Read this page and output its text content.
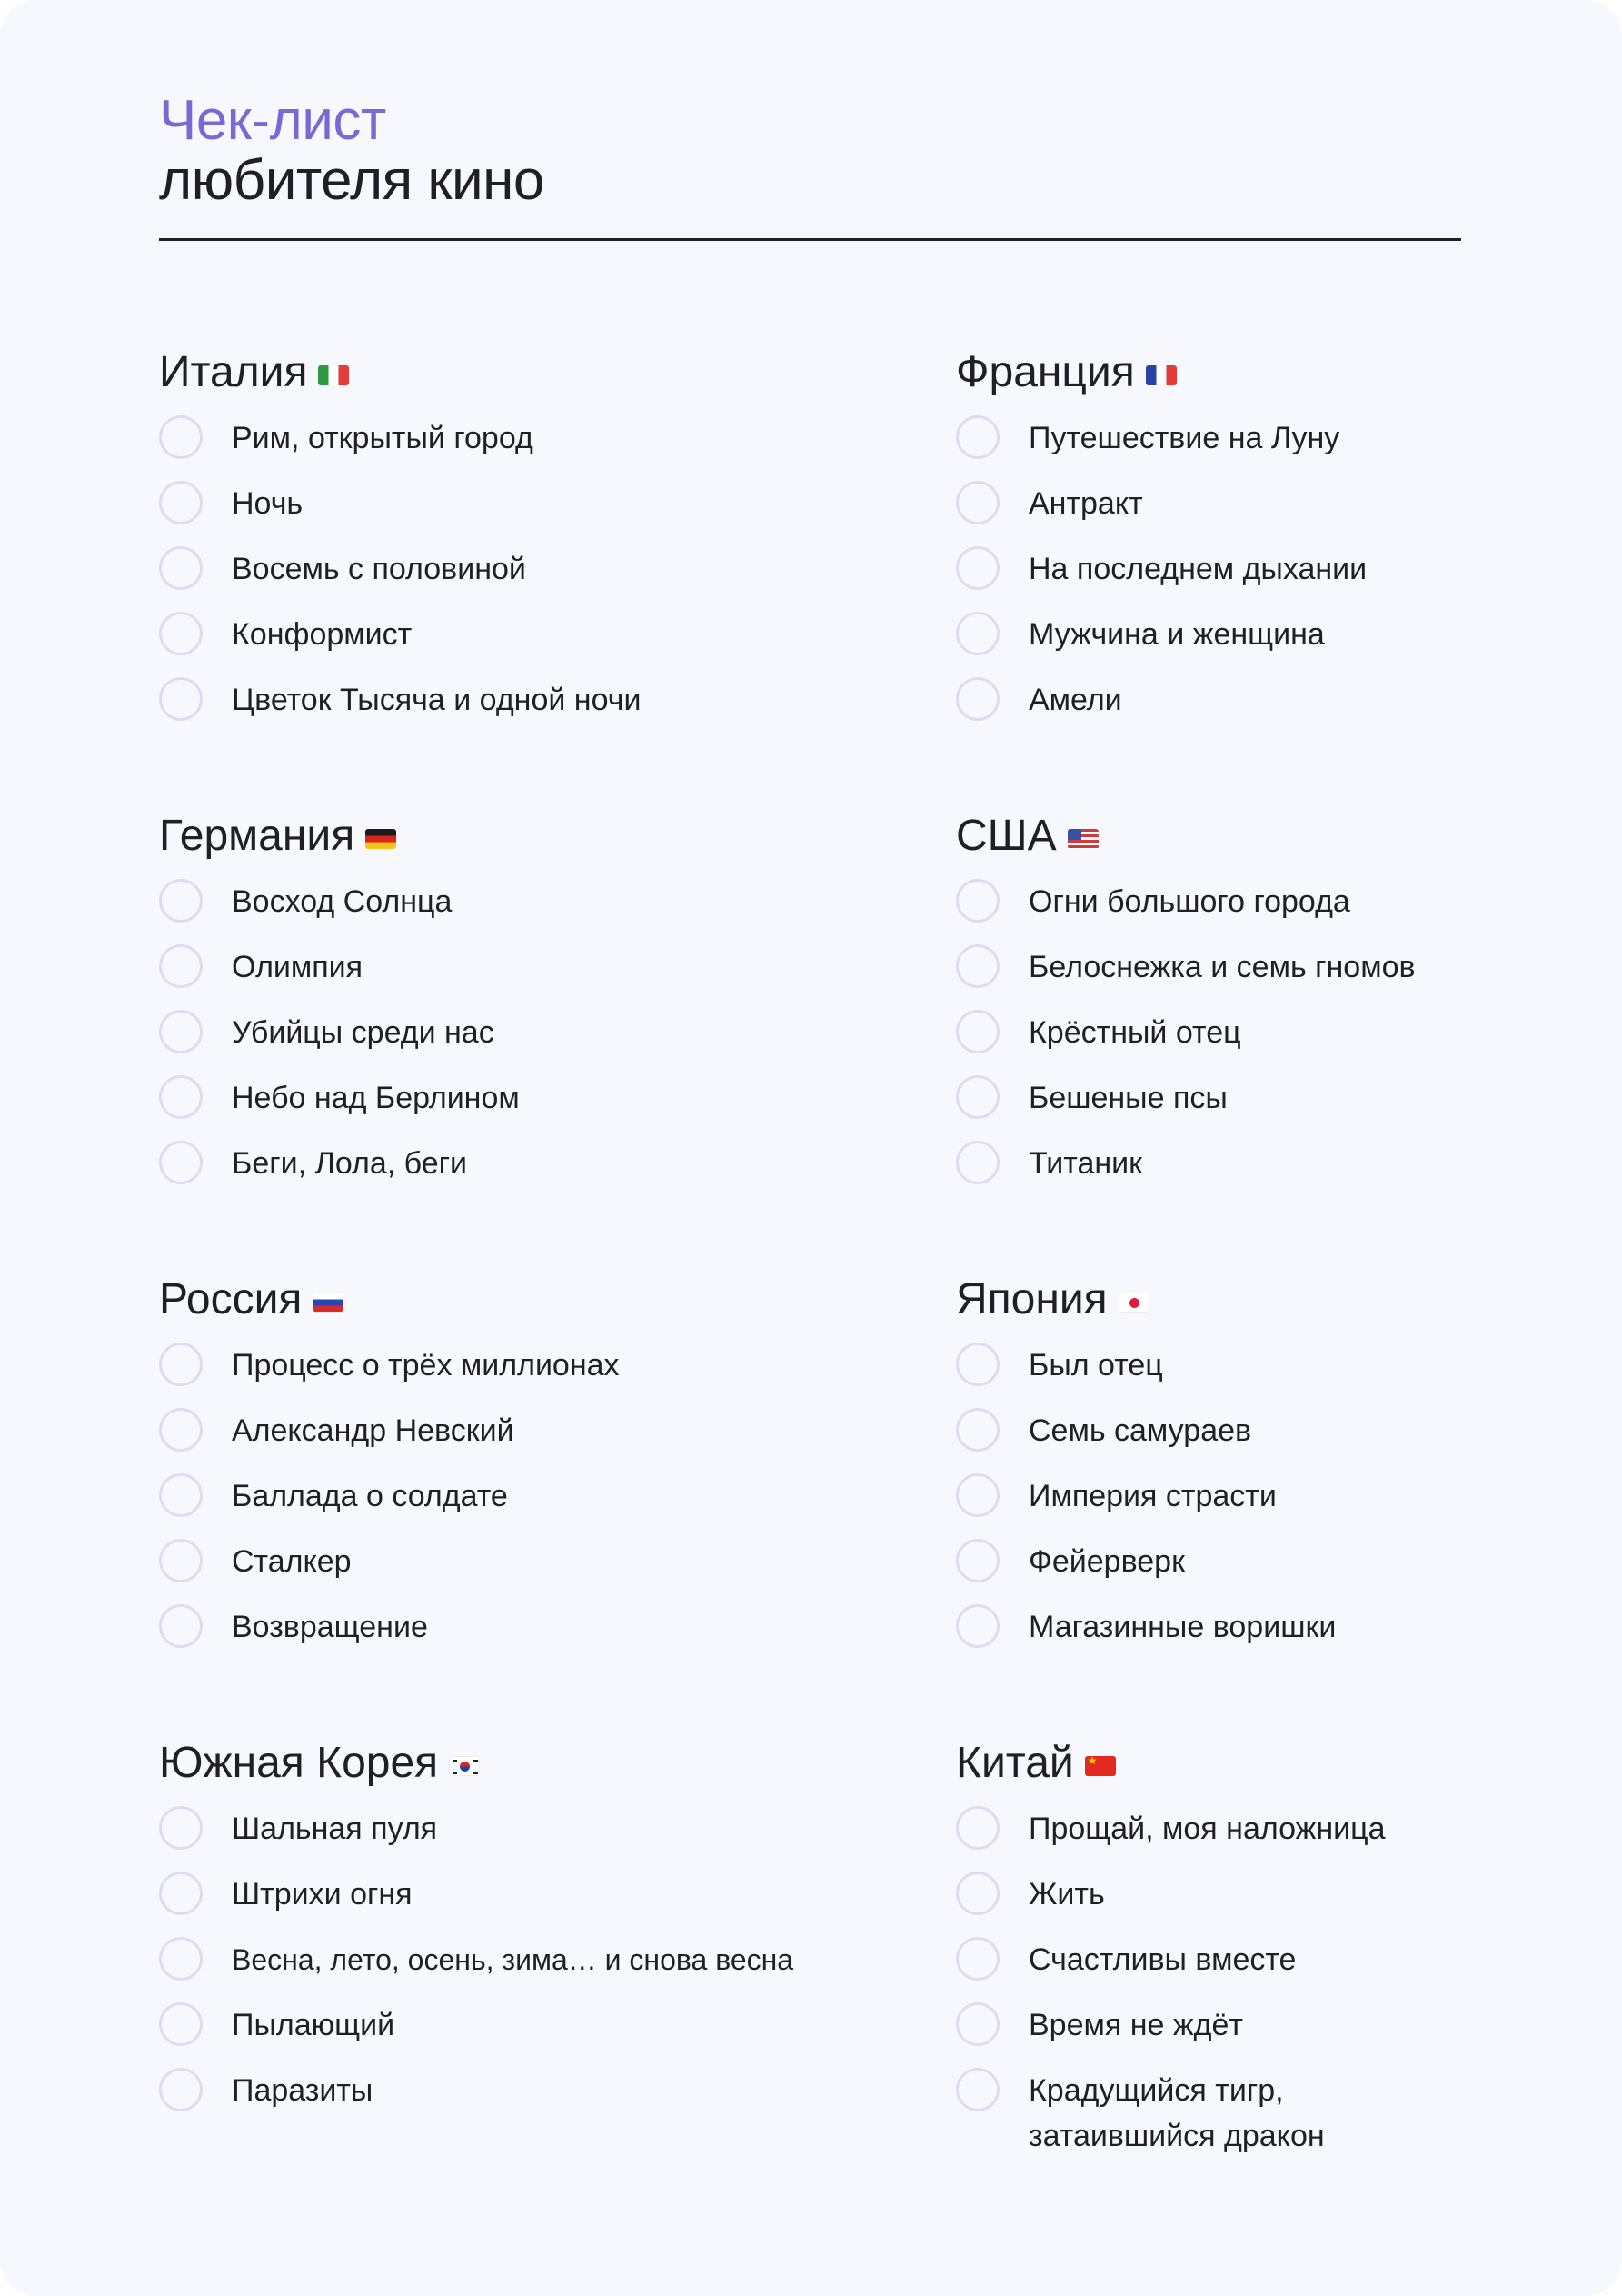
Чек-лист
любителя кино
Италия
Рим, открытый город
Ночь
Восемь с половиной
Конформист
Цветок Тысяча и одной ночи
Франция
Путешествие на Луну
Антракт
На последнем дыхании
Мужчина и женщина
Амели
Германия
Восход Солнца
Олимпия
Убийцы среди нас
Небо над Берлином
Беги, Лола, беги
США
Огни большого города
Белоснежка и семь гномов
Крёстный отец
Бешеные псы
Титаник
Россия
Процесс о трёх миллионах
Александр Невский
Баллада о солдате
Сталкер
Возвращение
Япония
Был отец
Семь самураев
Империя страсти
Фейерверк
Магазинные воришки
Южная Корея
Шальная пуля
Штрихи огня
Весна, лето, осень, зима… и снова весна
Пылающий
Паразиты
Китай
★
Прощай, моя наложница
Жить
Счастливы вместе
Время не ждёт
Крадущийся тигр,
затаившийся дракон
